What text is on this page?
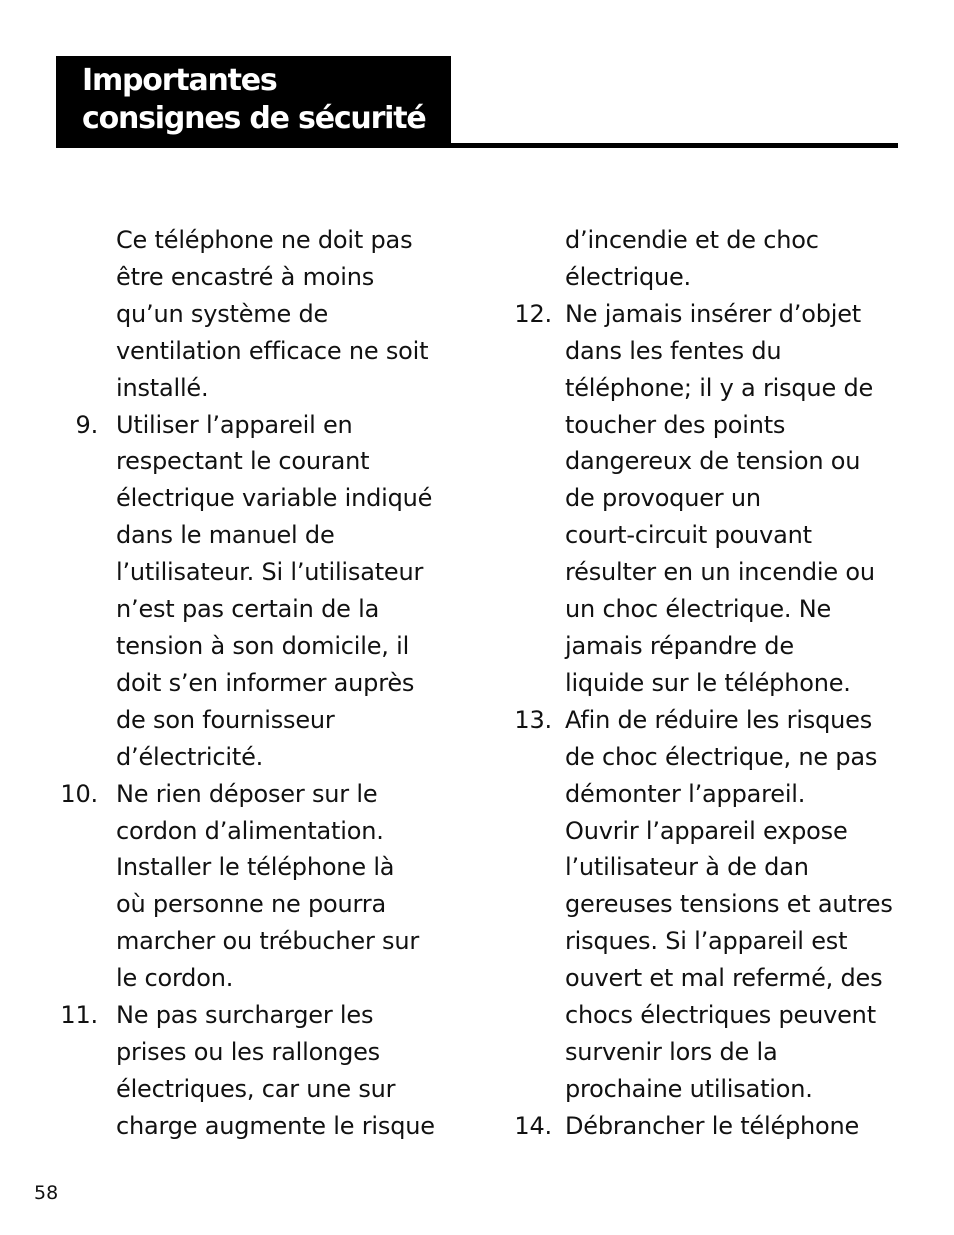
Importantes
consignes de sécurité
Ce téléphone ne doit pas
être encastré à moins
qu’un système de
ventilation efficace ne soit
installé.
9. Utiliser l’appareil en
respectant le courant
électrique variable indiqué
dans le manuel de
l’utilisateur. Si l’utilisateur
n’est pas certain de la
tension à son domicile, il
doit s’en informer auprès
de son fournisseur
d’électricité.
10. Ne rien déposer sur le
cordon d’alimentation.
Installer le téléphone là
où personne ne pourra
marcher ou trébucher sur
le cordon.
11. Ne pas surcharger les
prises ou les rallonges
électriques, car une sur
charge augmente le risque
d’incendie et de choc
électrique.
12. Ne jamais insérer d’objet
dans les fentes du
téléphone; il y a risque de
toucher des points
dangereux de tension ou
de provoquer un
court-circuit pouvant
résulter en un incendie ou
un choc électrique. Ne
jamais répandre de
liquide sur le téléphone.
13. Afin de réduire les risques
de choc électrique, ne pas
démonter l’appareil.
Ouvrir l’appareil expose
l’utilisateur à de dan
gereuses tensions et autres
risques. Si l’appareil est
ouvert et mal refermé, des
chocs électriques peuvent
survenir lors de la
prochaine utilisation.
14. Débrancher le téléphone
58
